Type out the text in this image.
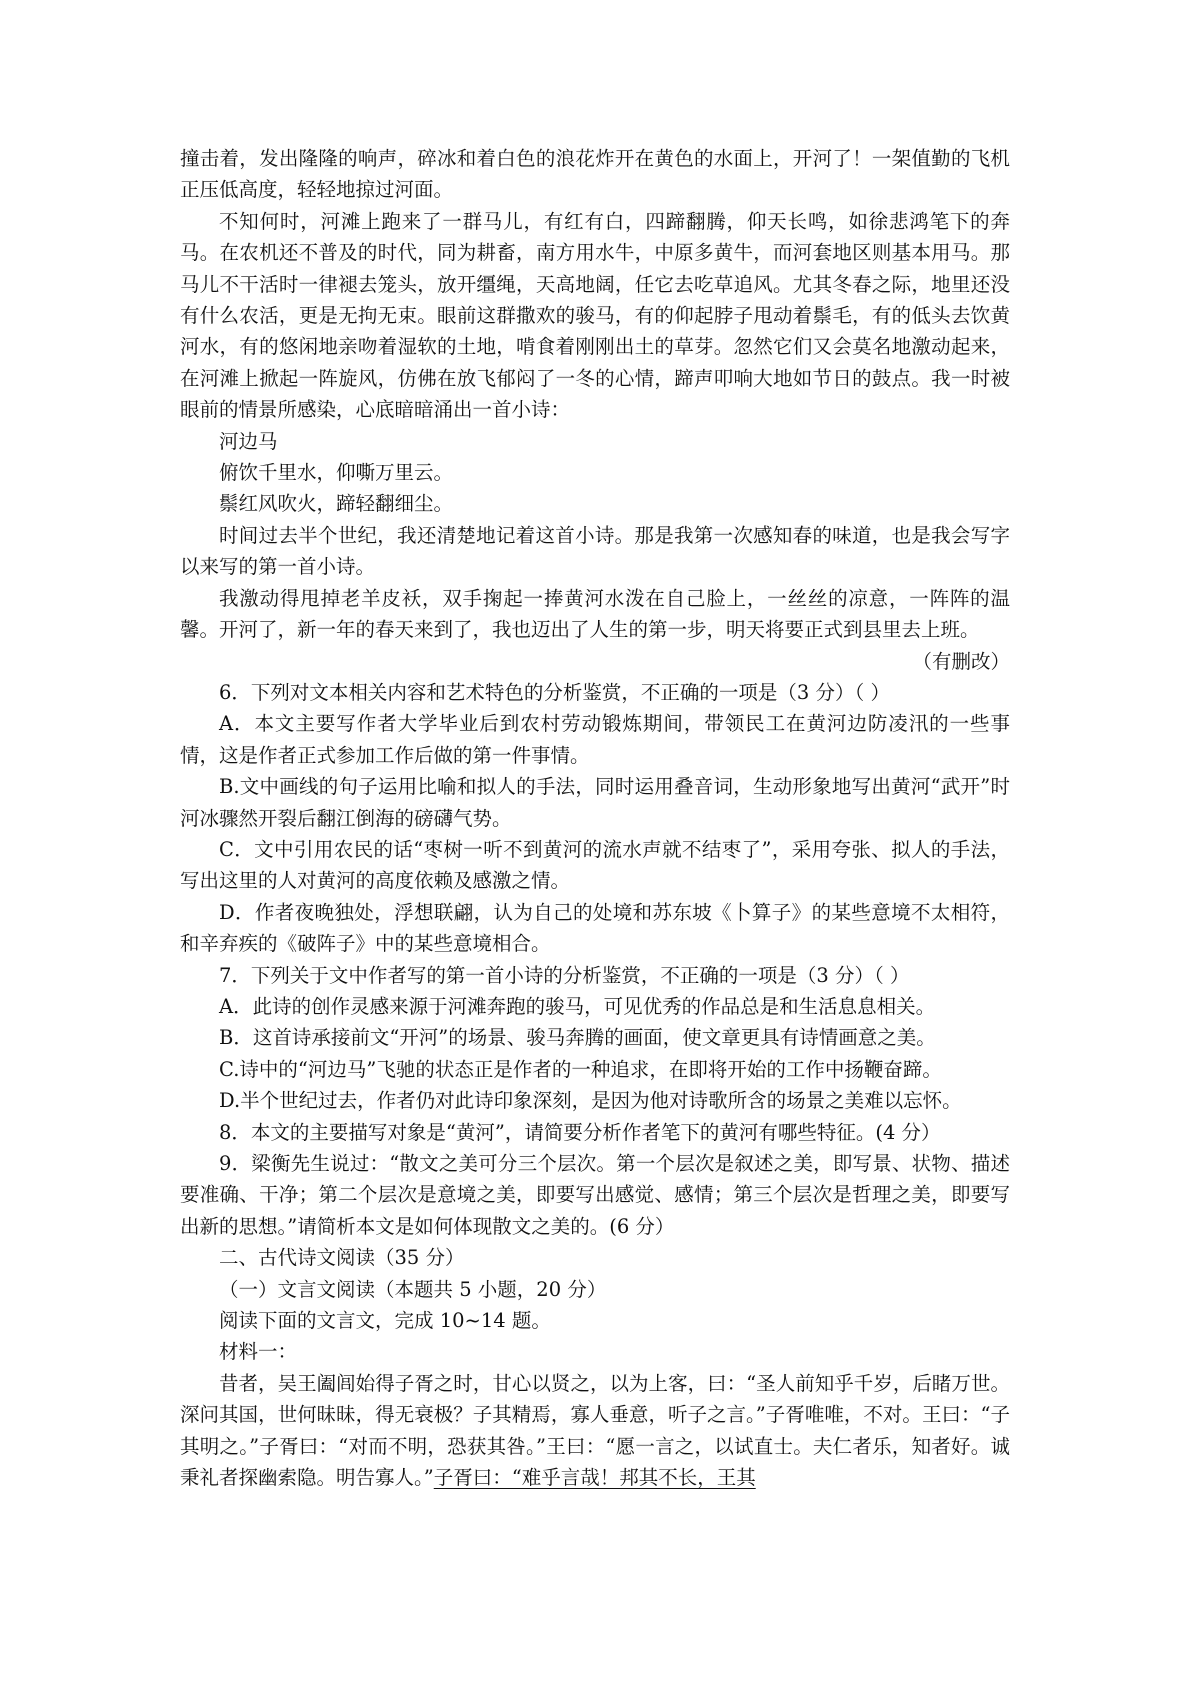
撞击着，发出隆隆的响声，碎冰和着白色的浪花炸开在黄色的水面上，开河了！一架值勤的飞机正压低高度，轻轻地掠过河面。

不知何时，河滩上跑来了一群马儿，有红有白，四蹄翻腾，仰天长鸣，如徐悲鸿笔下的奔马。在农机还不普及的时代，同为耕畜，南方用水牛，中原多黄牛，而河套地区则基本用马。那马儿不干活时一律褪去笼头，放开缰绳，天高地阔，任它去吃草追风。尤其冬春之际，地里还没有什么农活，更是无拘无束。眼前这群撒欢的骏马，有的仰起脖子甩动着鬃毛，有的低头去饮黄河水，有的悠闲地亲吻着湿软的土地，啃食着刚刚出土的草芽。忽然它们又会莫名地激动起来，在河滩上掀起一阵旋风，仿佛在放飞郁闷了一冬的心情，蹄声叩响大地如节日的鼓点。我一时被眼前的情景所感染，心底暗暗涌出一首小诗：

河边马

俯饮千里水，仰嘶万里云。

鬃红风吹火，蹄轻翻细尘。

时间过去半个世纪，我还清楚地记着这首小诗。那是我第一次感知春的味道，也是我会写字以来写的第一首小诗。

我激动得甩掉老羊皮袄，双手掬起一捧黄河水泼在自己脸上，一丝丝的凉意，一阵阵的温馨。开河了，新一年的春天来到了，我也迈出了人生的第一步，明天将要正式到县里去上班。

（有删改）

6．下列对文本相关内容和艺术特色的分析鉴赏，不正确的一项是（3 分）（ ）

A．本文主要写作者大学毕业后到农村劳动锻炼期间，带领民工在黄河边防凌汛的一些事情，这是作者正式参加工作后做的第一件事情。

B.文中画线的句子运用比喻和拟人的手法，同时运用叠音词，生动形象地写出黄河“武开”时河冰骤然开裂后翻江倒海的磅礴气势。

C．文中引用农民的话“枣树一听不到黄河的流水声就不结枣了”，采用夸张、拟人的手法，写出这里的人对黄河的高度依赖及感激之情。

D．作者夜晚独处，浮想联翩，认为自己的处境和苏东坡《卜算子》的某些意境不太相符，和辛弃疾的《破阵子》中的某些意境相合。

7．下列关于文中作者写的第一首小诗的分析鉴赏，不正确的一项是（3 分）（ ）

A．此诗的创作灵感来源于河滩奔跑的骏马，可见优秀的作品总是和生活息息相关。

B．这首诗承接前文“开河”的场景、骏马奔腾的画面，使文章更具有诗情画意之美。

C.诗中的“河边马”飞驰的状态正是作者的一种追求，在即将开始的工作中扬鞭奋蹄。

D.半个世纪过去，作者仍对此诗印象深刻，是因为他对诗歌所含的场景之美难以忘怀。

8．本文的主要描写对象是“黄河”，请简要分析作者笔下的黄河有哪些特征。(4 分）

9．梁衡先生说过：“散文之美可分三个层次。第一个层次是叙述之美，即写景、状物、描述要准确、干净；第二个层次是意境之美，即要写出感觉、感情；第三个层次是哲理之美，即要写出新的思想。”请简析本文是如何体现散文之美的。(6 分）

二、古代诗文阅读（35 分）

（一）文言文阅读（本题共 5 小题，20 分）

阅读下面的文言文，完成 10~14 题。

材料一：

昔者，吴王阖闾始得子胥之时，甘心以贤之，以为上客，曰：“圣人前知乎千岁，后睹万世。深问其国，世何昧昧，得无衰极？子其精焉，寡人垂意，听子之言。”子胥唯唯，不对。王曰：“子其明之。”子胥曰：“对而不明，恐获其咎。”王曰：“愿一言之，以试直士。夫仁者乐，知者好。诚秉礼者探幽索隐。明告寡人。”子胥曰：“难乎言哉！邦其不长，王其
